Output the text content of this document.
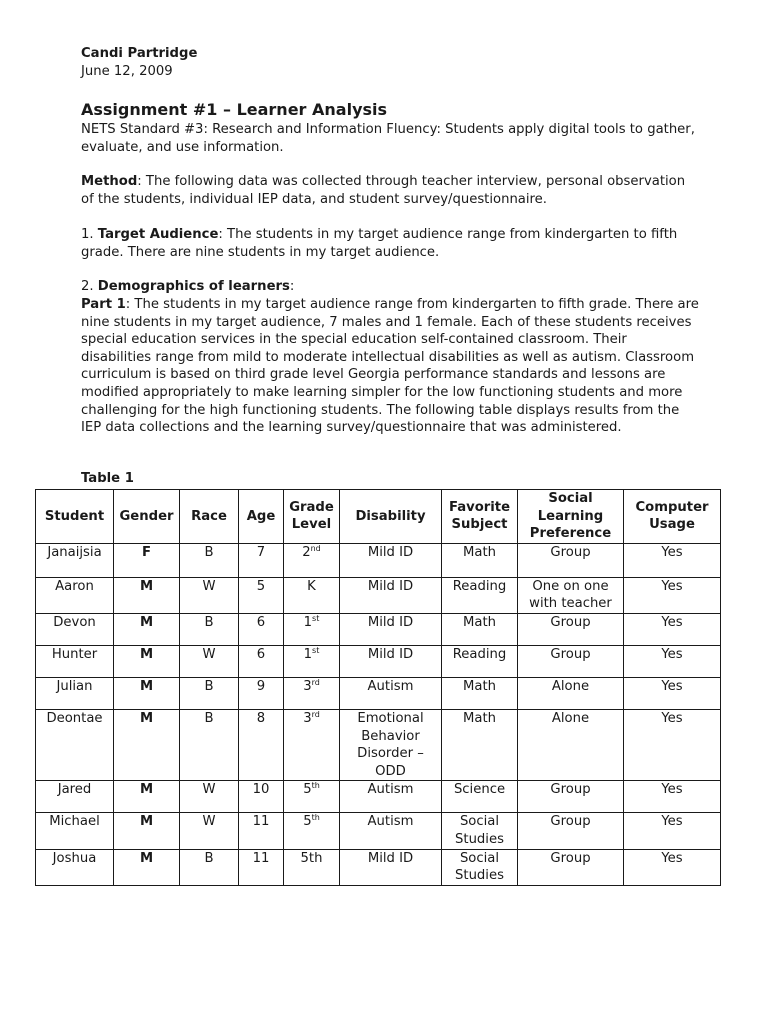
Candi Partridge
June 12, 2009
Assignment #1 – Learner Analysis
NETS Standard #3: Research and Information Fluency: Students apply digital tools to gather, evaluate, and use information.
Method: The following data was collected through teacher interview, personal observation of the students, individual IEP data, and student survey/questionnaire.
1. Target Audience: The students in my target audience range from kindergarten to fifth grade. There are nine students in my target audience.
2. Demographics of learners:
Part 1: The students in my target audience range from kindergarten to fifth grade. There are nine students in my target audience, 7 males and 1 female. Each of these students receives special education services in the special education self-contained classroom. Their disabilities range from mild to moderate intellectual disabilities as well as autism. Classroom curriculum is based on third grade level Georgia performance standards and lessons are modified appropriately to make learning simpler for the low functioning students and more challenging for the high functioning students. The following table displays results from the IEP data collections and the learning survey/questionnaire that was administered.
Table 1
Student	Gender	Race	Age	Grade Level	Disability	Favorite Subject	Social Learning Preference	Computer Usage
Janaijsia	F	B	7	2nd	Mild ID	Math	Group	Yes
Aaron	M	W	5	K	Mild ID	Reading	One on one with teacher	Yes
Devon	M	B	6	1st	Mild ID	Math	Group	Yes
Hunter	M	W	6	1st	Mild ID	Reading	Group	Yes
Julian	M	B	9	3rd	Autism	Math	Alone	Yes
Deontae	M	B	8	3rd	Emotional Behavior Disorder – ODD	Math	Alone	Yes
Jared	M	W	10	5th	Autism	Science	Group	Yes
Michael	M	W	11	5th	Autism	Social Studies	Group	Yes
Joshua	M	B	11	5th	Mild ID	Social Studies	Group	Yes
